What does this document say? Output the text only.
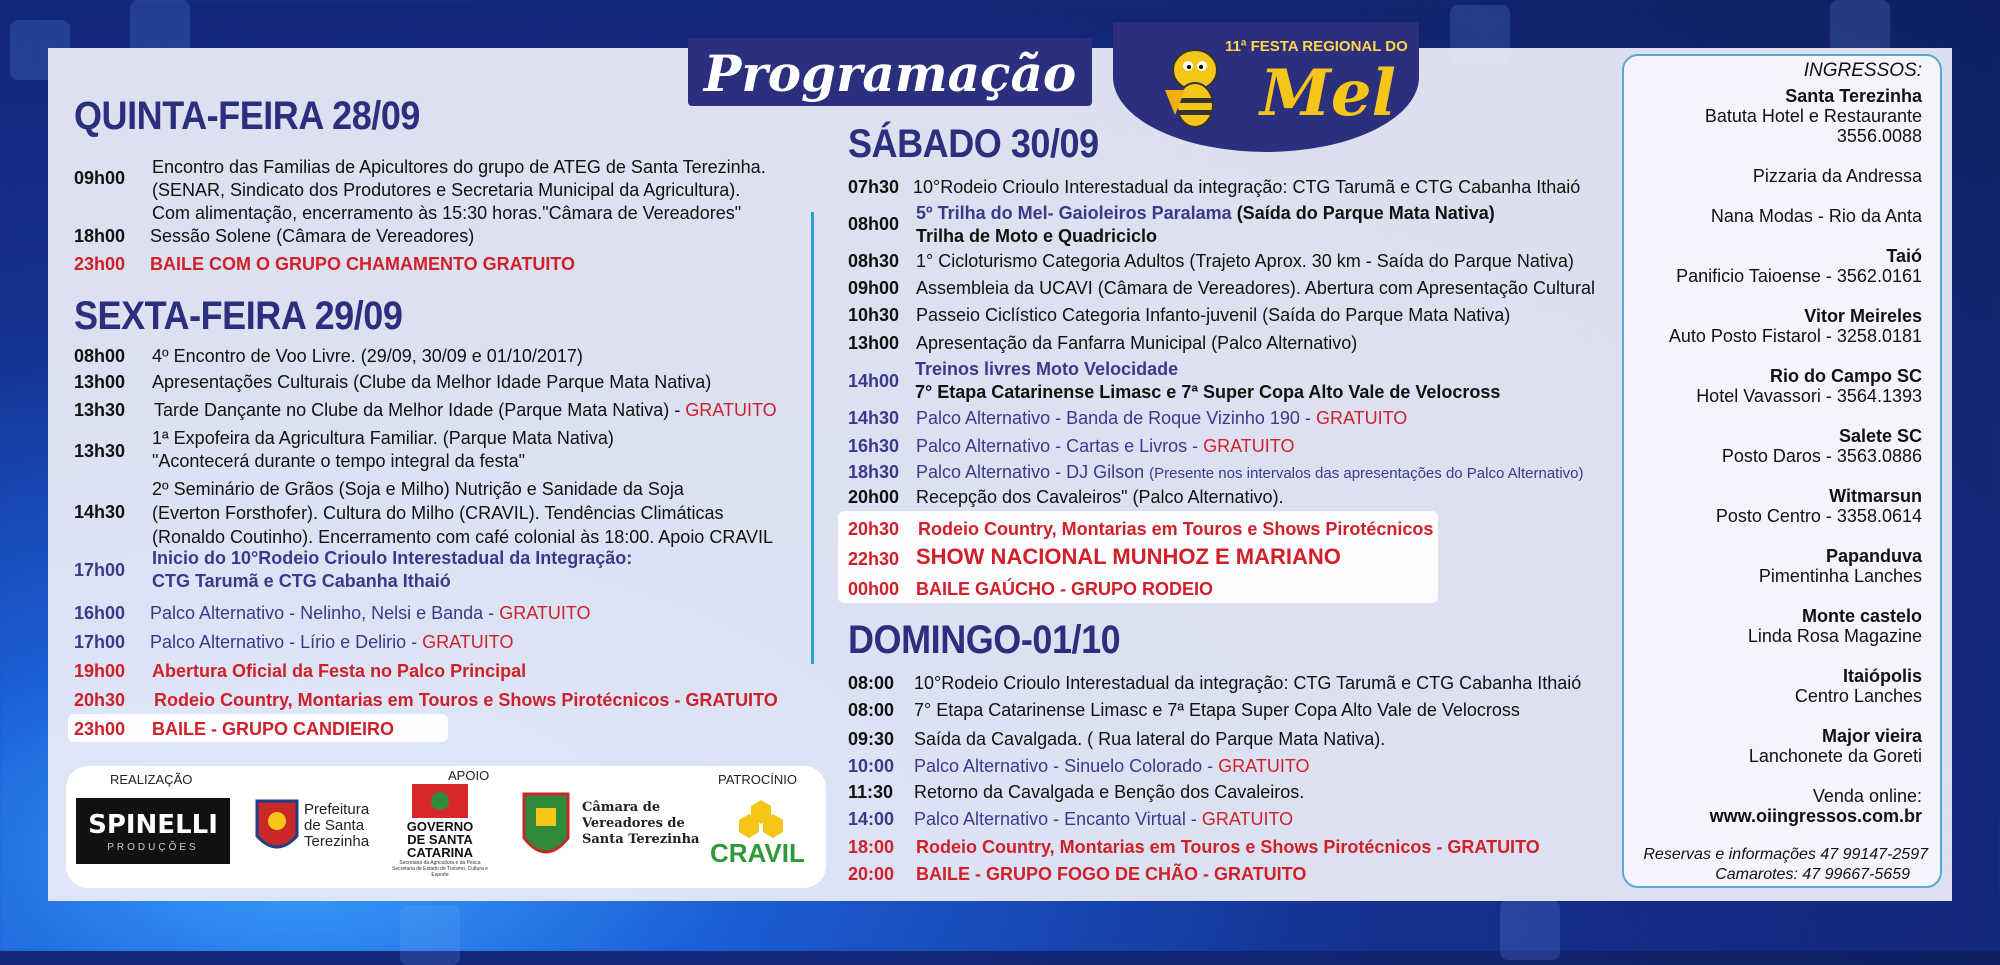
Programação	11ª FESTA REGIONAL DO
Mel
QUINTA-FEIRA 28/09
09h00
Encontro das Familias de Apicultores do grupo de ATEG de Santa Terezinha.
(SENAR, Sindicato dos Produtores e Secretaria Municipal da Agricultura).
Com alimentação, encerramento às 15:30 horas."Câmara de Vereadores"
18h00 Sessão Solene (Câmara de Vereadores)
23h00 BAILE COM O GRUPO CHAMAMENTO GRATUITO
SEXTA-FEIRA 29/09
08h00 4º Encontro de Voo Livre. (29/09, 30/09 e 01/10/2017)
13h00 Apresentações Culturais (Clube da Melhor Idade Parque Mata Nativa)
13h30 Tarde Dançante no Clube da Melhor Idade (Parque Mata Nativa) - GRATUITO
13h30
1ª Expofeira da Agricultura Familiar. (Parque Mata Nativa)
"Acontecerá durante o tempo integral da festa"
14h30
2º Seminário de Grãos (Soja e Milho) Nutrição e Sanidade da Soja
(Everton Forsthofer). Cultura do Milho (CRAVIL). Tendências Climáticas
(Ronaldo Coutinho). Encerramento com café colonial às 18:00. Apoio CRAVIL
17h00
Inicio do 10°Rodeio Crioulo Interestadual da Integração:
CTG Tarumã e CTG Cabanha Ithaió
16h00 Palco Alternativo - Nelinho, Nelsi e Banda - GRATUITO
17h00 Palco Alternativo - Lírio e Delirio - GRATUITO
19h00 Abertura Oficial da Festa no Palco Principal
20h30 Rodeio Country, Montarias em Touros e Shows Pirotécnicos - GRATUITO
23h00 BAILE - GRUPO CANDIEIRO
SÁBADO 30/09
07h30 10°Rodeio Crioulo Interestadual da integração: CTG Tarumã e CTG Cabanha Ithaió
08h00
5º Trilha do Mel- Gaioleiros Paralama (Saída do Parque Mata Nativa)
Trilha de Moto e Quadriciclo
08h30 1° Cicloturismo Categoria Adultos (Trajeto Aprox. 30 km - Saída do Parque Nativa)
09h00 Assembleia da UCAVI (Câmara de Vereadores). Abertura com Apresentação Cultural
10h30 Passeio Ciclístico Categoria Infanto-juvenil (Saída do Parque Mata Nativa)
13h00 Apresentação da Fanfarra Municipal (Palco Alternativo)
14h00
Treinos livres Moto Velocidade
7° Etapa Catarinense Limasc e 7ª Super Copa Alto Vale de Velocross
14h30 Palco Alternativo - Banda de Roque Vizinho 190 - GRATUITO
16h30 Palco Alternativo - Cartas e Livros - GRATUITO
18h30 Palco Alternativo - DJ Gilson (Presente nos intervalos das apresentações do Palco Alternativo)
20h00 Recepção dos Cavaleiros" (Palco Alternativo).
20h30 Rodeio Country, Montarias em Touros e Shows Pirotécnicos
22h30 SHOW NACIONAL MUNHOZ E MARIANO
00h00 BAILE GAÚCHO - GRUPO RODEIO
DOMINGO-01/10
08:00 10°Rodeio Crioulo Interestadual da integração: CTG Tarumã e CTG Cabanha Ithaió
08:00 7° Etapa Catarinense Limasc e 7ª Etapa Super Copa Alto Vale de Velocross
09:30 Saída da Cavalgada. ( Rua lateral do Parque Mata Nativa).
10:00 Palco Alternativo - Sinuelo Colorado - GRATUITO
11:30 Retorno da Cavalgada e Benção dos Cavaleiros.
14:00 Palco Alternativo - Encanto Virtual - GRATUITO
18:00 Rodeio Country, Montarias em Touros e Shows Pirotécnicos - GRATUITO
20:00 BAILE - GRUPO FOGO DE CHÃO - GRATUITO
INGRESSOS:
Santa Terezinha
Batuta Hotel e Restaurante
3556.0088
Pizzaria da Andressa
Nana Modas - Rio da Anta
Taió
Panificio Taioense - 3562.0161
Vitor Meireles
Auto Posto Fistarol - 3258.0181
Rio do Campo SC
Hotel Vavassori - 3564.1393
Salete SC
Posto Daros - 3563.0886
Witmarsun
Posto Centro - 3358.0614
Papanduva
Pimentinha Lanches
Monte castelo
Linda Rosa Magazine
Itaiópolis
Centro Lanches
Major vieira
Lanchonete da Goreti
Venda online:
www.oiingressos.com.br
Reservas e informações 47 99147-2597
Camarotes: 47 99667-5659
REALIZAÇÃO	APOIO	PATROCÍNIO
SPINELLI
PRODUÇÕES
Prefeitura
de Santa
Terezinha
GOVERNO
DE SANTA
CATARINA
Secretaria da Agricultura e da Pesca
Secretaria de Estado de Turismo, Cultura e Esporte
Câmara de
Vereadores de
Santa Terezinha CRAVIL
